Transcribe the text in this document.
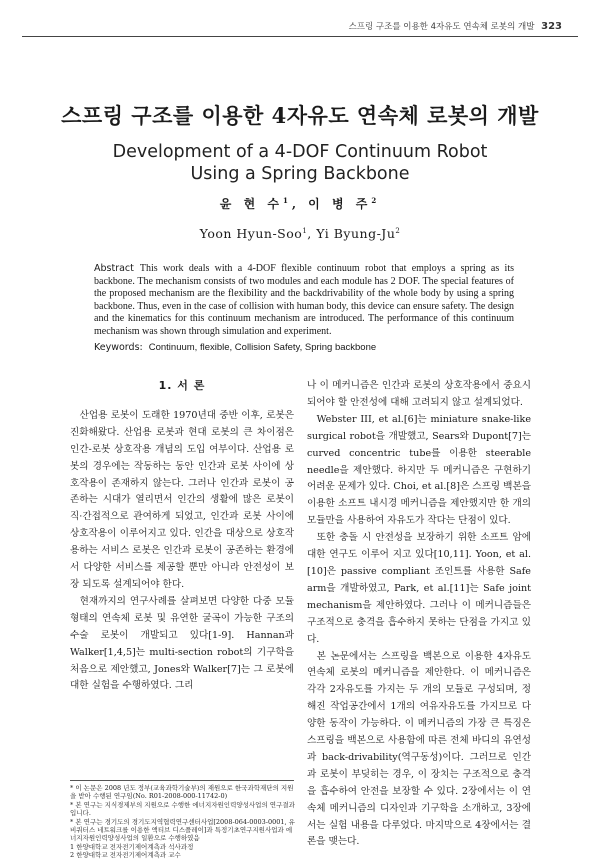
스프링 구조를 이용한 4자유도 연속체 로봇의 개발 323
스프링 구조를 이용한 4자유도 연속체 로봇의 개발
Development of a 4-DOF Continuum Robot
Using a Spring Backbone
윤 현 수$^1$, 이 병 주$^2$
Yoon Hyun-Soo$^1$, Yi Byung-Ju$^2$
Abstract This work deals with a 4-DOF flexible continuum robot that employs a spring as its backbone. The mechanism consists of two modules and each module has 2 DOF. The special features of the proposed mechanism are the flexibility and the backdrivability of the whole body by using a spring backbone. Thus, even in the case of collision with human body, this device can ensure safety. The design and the kinematics for this continuum mechanism are introduced. The performance of this continuum mechanism was shown through simulation and experiment.
Keywords: Continuum, flexible, Collision Safety, Spring backbone
1. 서 론

산업용 로봇이 도래한 1970년대 중반 이후, 로봇은 진화해왔다. 산업용 로봇과 현대 로봇의 큰 차이점은 인간-로봇 상호작용 개념의 도입 여부이다. 산업용 로봇의 경우에는 작동하는 동안 인간과 로봇 사이에 상호작용이 존재하지 않는다. 그러나 인간과 로봇이 공존하는 시대가 열리면서 인간의 생활에 많은 로봇이 직·간접적으로 관여하게 되었고, 인간과 로봇 사이에 상호작용이 이루어지고 있다. 인간을 대상으로 상호작용하는 서비스 로봇은 인간과 로봇이 공존하는 환경에서 다양한 서비스를 제공할 뿐만 아니라 안전성이 보장 되도록 설계되어야 한다.

현재까지의 연구사례를 살펴보면 다양한 다중 모듈 형태의 연속체 로봇 및 유연한 굴곡이 가능한 구조의 수술 로봇이 개발되고 있다[1-9]. Hannan과 Walker[1,4,5]는 multi-section robot의 기구학을 처음으로 제안했고, Jones와 Walker[7]는 그 로봇에 대한 실험을 수행하였다. 그리

나 이 메커니즘은 인간과 로봇의 상호작용에서 중요시 되어야 할 안전성에 대해 고려되지 않고 설계되었다.

Webster III, et al.[6]는 miniature snake-like surgical robot을 개발했고, Sears와 Dupont[7]는 curved concentric tube를 이용한 steerable needle을 제안했다. 하지만 두 메커니즘은 구현하기 어려운 문제가 있다. Choi, et al.[8]은 스프링 백본을 이용한 소프트 내시경 메커니즘을 제안했지만 한 개의 모듈만을 사용하여 자유도가 작다는 단점이 있다.

또한 충돌 시 안전성을 보장하기 위한 소프트 암에 대한 연구도 이루어 지고 있다[10,11]. Yoon, et al.[10]은 passive compliant 조인트를 사용한 Safe arm을 개발하였고, Park, et al.[11]는 Safe joint mechanism을 제안하였다. 그러나 이 메커니즘들은 구조적으로 충격을 흡수하지 못하는 단점을 가지고 있다.

본 논문에서는 스프링을 백본으로 이용한 4자유도 연속체 로봇의 메커니즘을 제안한다. 이 메커니즘은 각각 2자유도를 가지는 두 개의 모듈로 구성되며, 정해진 작업공간에서 1개의 여유자유도를 가지므로 다양한 동작이 가능하다. 이 메커니즘의 가장 큰 특징은 스프링을 백본으로 사용함에 따른 전체 바디의 유연성과 back-drivability(역구동성)이다. 그러므로 인간과 로봇이 부딪히는 경우, 이 장치는 구조적으로 충격을 흡수하여 안전을 보장할 수 있다. 2장에서는 이 연속체 메커니즘의 디자인과 기구학을 소개하고, 3장에서는 실험 내용을 다루었다. 마지막으로 4장에서는 결론을 맺는다.

* 이 논문은 2008 년도 정부(교육과학기술부)의 재원으로 한국과학재단의 지원을 받아 수행된 연구임(No. R01-2008-000-11742-0)
* 본 연구는 지식경제부의 지원으로 수행한 에너지자원인력양성사업의 연구결과입니다.
* 본 연구는 경기도의 경기도지역협력연구센터사업[2008-064-0003-0001, 유비쿼터스 네트워크를 이용한 액티브 디스플레이]과 특정기초연구지원사업과 에너지자원인력양성사업의 일환으로 수행하였음
1 한양대학교 전자전기제어계측과 석사과정
2 한양대학교 전자전기제어계측과 교수
